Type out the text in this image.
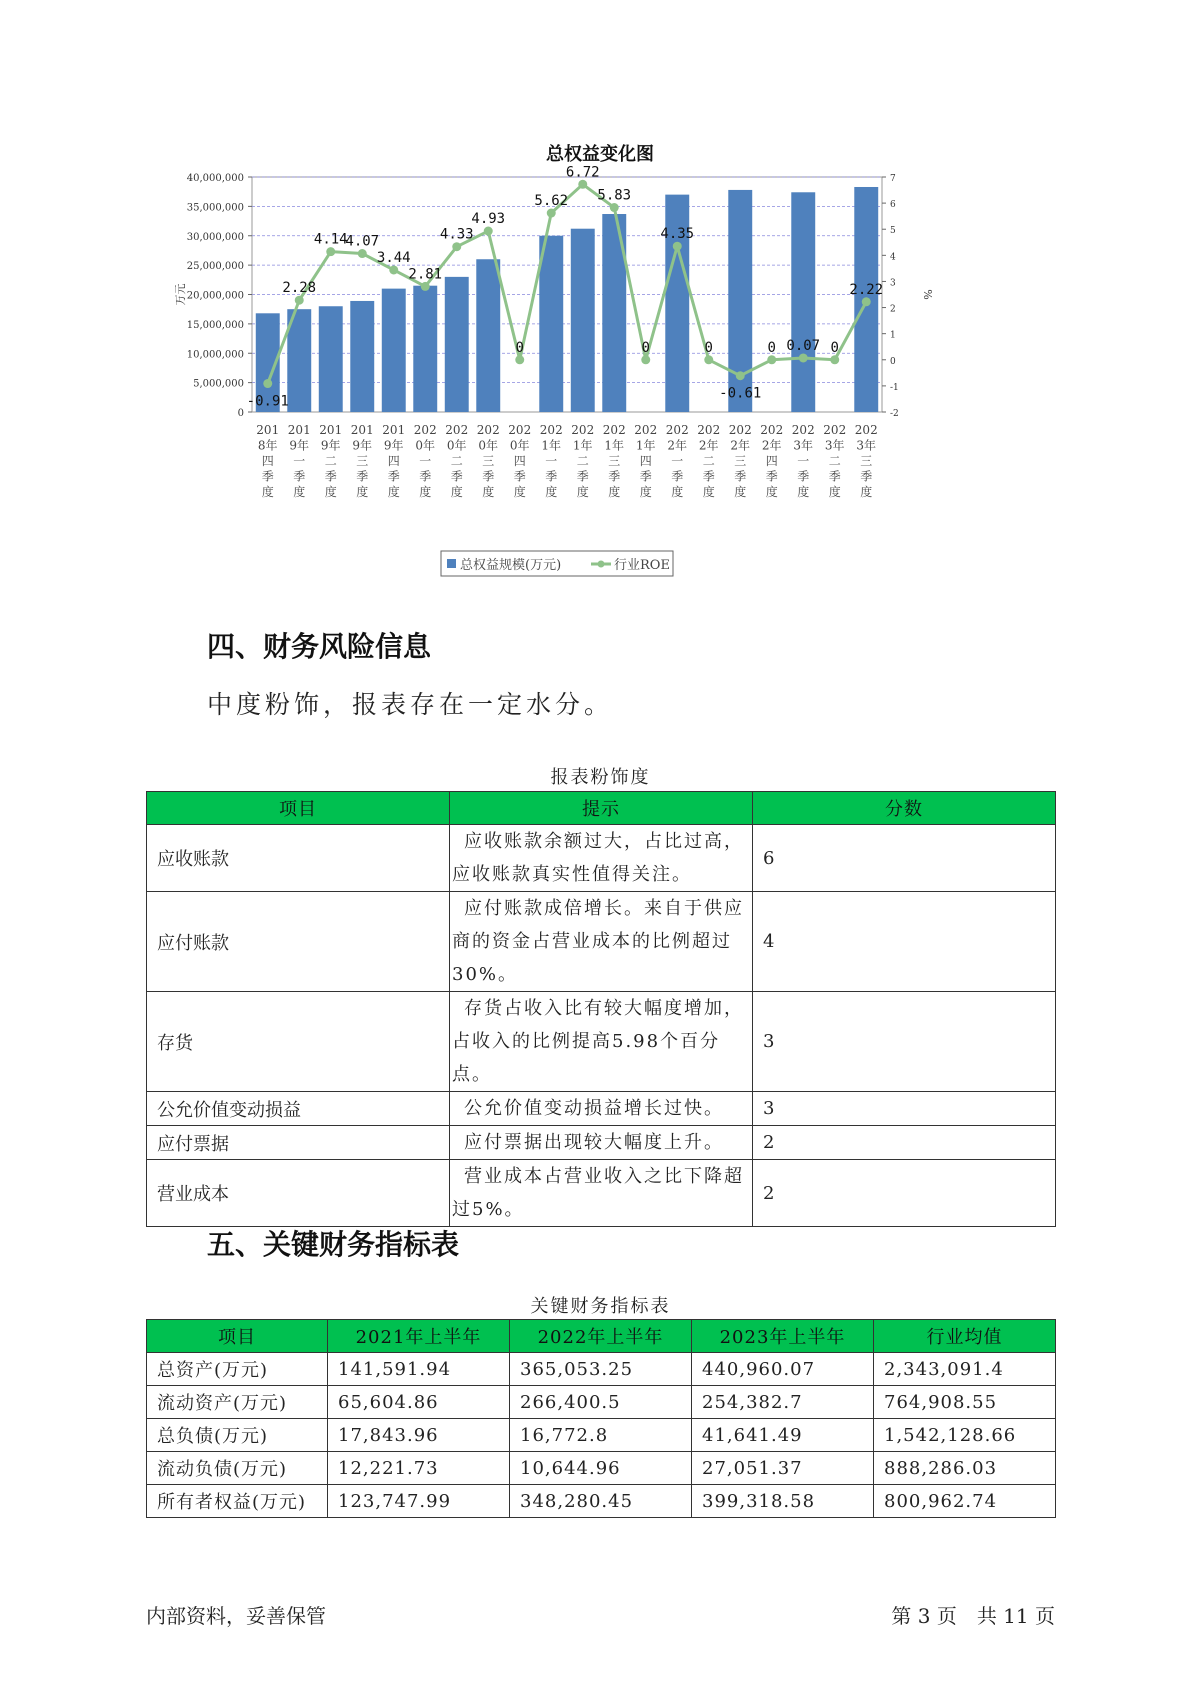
总权益变化图
0
5,000,000
10,000,000
15,000,000
20,000,000
25,000,000
30,000,000
35,000,000
40,000,000
-2
-1
0
1
2
3
4
5
6
7
万元	%
-0.91
2.28
4.14
4.07
3.44
2.81
4.33
4.93
0
5.62
6.72
5.83
0
4.35
0
-0.61
0 0.07 0
2.22
201 8年四季度
201 9年一季度
201 9年二季度
201 9年三季度
201 9年四季度
202 0年一季度
202 0年二季度
202 0年三季度
202 0年四季度
202 1年一季度
202 1年二季度
202 1年三季度
202 1年四季度
202 2年一季度
202 2年二季度
202 2年三季度
202 2年四季度
202 3年一季度
202 3年二季度
202 3年三季度
总权益规模(万元)	行业ROE
四、财务风险信息
中度粉饰，报表存在一定水分。
报表粉饰度
项目	提示	分数
应收账款	应收账款余额过大，占比过高，
应收账款真实性值得关注。	6
应付账款	应付账款成倍增长。来自于供应
商的资金占营业成本的比例超过
30%。	4
存货	存货占收入比有较大幅度增加，
占收入的比例提高5.98个百分点。	3
公允价值变动损益	公允价值变动损益增长过快。	3
应付票据	应付票据出现较大幅度上升。	2
营业成本	营业成本占营业收入之比下降超
过5%。	2
五、关键财务指标表
关键财务指标表
项目	2021年上半年	2022年上半年	2023年上半年	行业均值
总资产(万元)	141,591.94	365,053.25	440,960.07	2,343,091.4
流动资产(万元)	65,604.86	266,400.5	254,382.7	764,908.55
总负债(万元)	17,843.96	16,772.8	41,641.49	1,542,128.66
流动负债(万元)	12,221.73	10,644.96	27,051.37	888,286.03
所有者权益(万元)	123,747.99	348,280.45	399,318.58	800,962.74
内部资料，妥善保管	第 3 页　共 11 页
